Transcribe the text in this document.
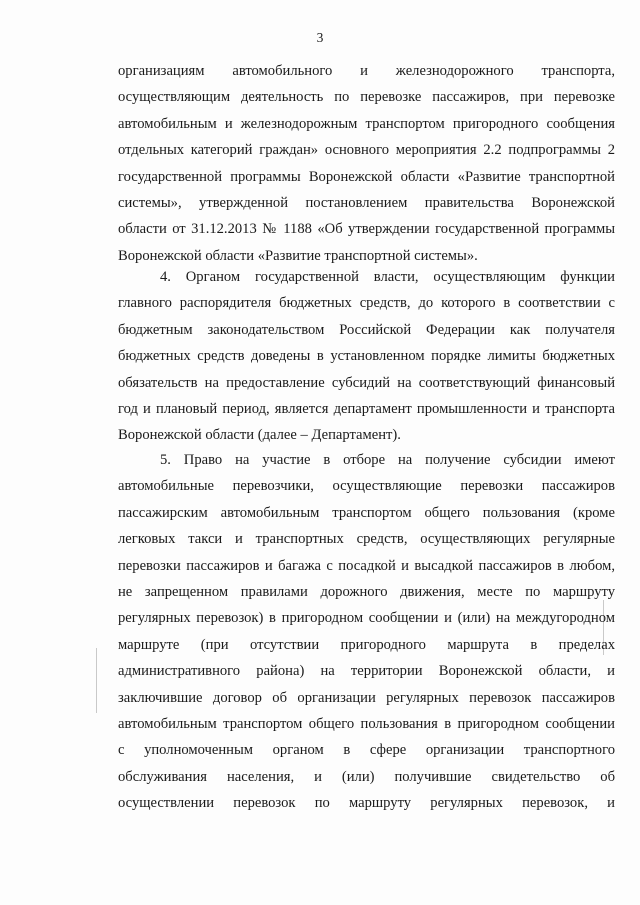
3
организациям автомобильного и железнодорожного транспорта,
осуществляющим деятельность по перевозке пассажиров, при перевозке
автомобильным и железнодорожным транспортом пригородного сообщения
отдельных категорий граждан» основного мероприятия 2.2 подпрограммы 2
государственной программы Воронежской области «Развитие транспортной
системы», утвержденной постановлением правительства Воронежской
области от 31.12.2013 № 1188 «Об утверждении государственной программы
Воронежской области «Развитие транспортной системы».
4. Органом государственной власти, осуществляющим функции
главного распорядителя бюджетных средств, до которого в соответствии с
бюджетным законодательством Российской Федерации как получателя
бюджетных средств доведены в установленном порядке лимиты бюджетных
обязательств на предоставление субсидий на соответствующий финансовый
год и плановый период, является департамент промышленности и транспорта
Воронежской области (далее – Департамент).
5. Право на участие в отборе на получение субсидии имеют
автомобильные перевозчики, осуществляющие перевозки пассажиров
пассажирским автомобильным транспортом общего пользования (кроме
легковых такси и транспортных средств, осуществляющих регулярные
перевозки пассажиров и багажа с посадкой и высадкой пассажиров в любом,
не запрещенном правилами дорожного движения, месте по маршруту
регулярных перевозок) в пригородном сообщении и (или) на междугородном
маршруте (при отсутствии пригородного маршрута в пределах
административного района) на территории Воронежской области, и
заключившие договор об организации регулярных перевозок пассажиров
автомобильным транспортом общего пользования в пригородном сообщении
с уполномоченным органом в сфере организации транспортного
обслуживания населения, и (или) получившие свидетельство об
осуществлении перевозок по маршруту регулярных перевозок, и
